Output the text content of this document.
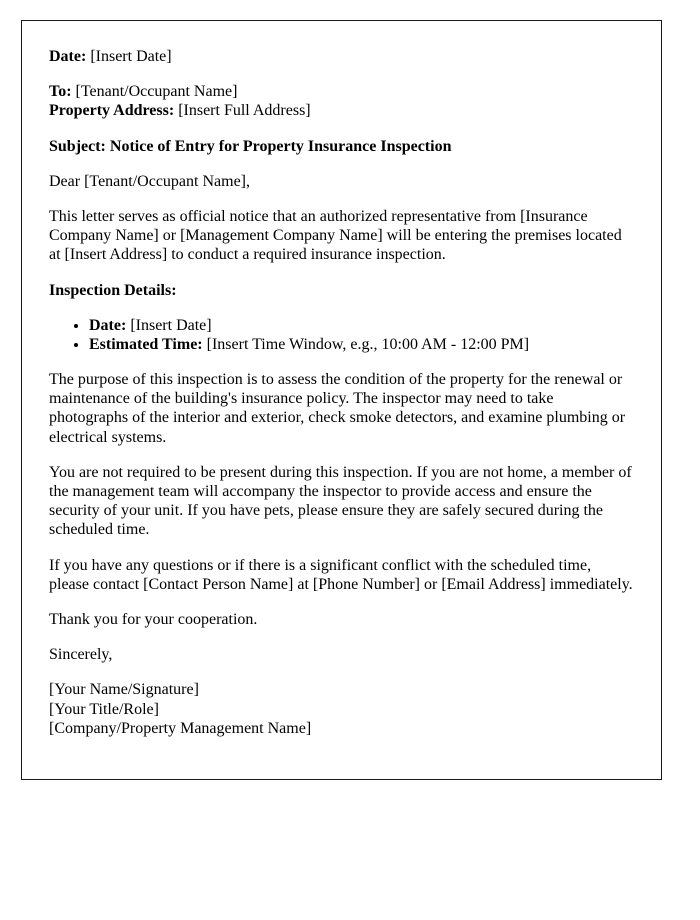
Date: [Insert Date]

To: [Tenant/Occupant Name]
Property Address: [Insert Full Address]

Subject: Notice of Entry for Property Insurance Inspection

Dear [Tenant/Occupant Name],

This letter serves as official notice that an authorized representative from [Insurance Company Name] or [Management Company Name] will be entering the premises located at [Insert Address] to conduct a required insurance inspection.

Inspection Details:

• Date: [Insert Date]
• Estimated Time: [Insert Time Window, e.g., 10:00 AM - 12:00 PM]

The purpose of this inspection is to assess the condition of the property for the renewal or maintenance of the building's insurance policy. The inspector may need to take photographs of the interior and exterior, check smoke detectors, and examine plumbing or electrical systems.

You are not required to be present during this inspection. If you are not home, a member of the management team will accompany the inspector to provide access and ensure the security of your unit. If you have pets, please ensure they are safely secured during the scheduled time.

If you have any questions or if there is a significant conflict with the scheduled time, please contact [Contact Person Name] at [Phone Number] or [Email Address] immediately.

Thank you for your cooperation.

Sincerely,

[Your Name/Signature]
[Your Title/Role]
[Company/Property Management Name]
